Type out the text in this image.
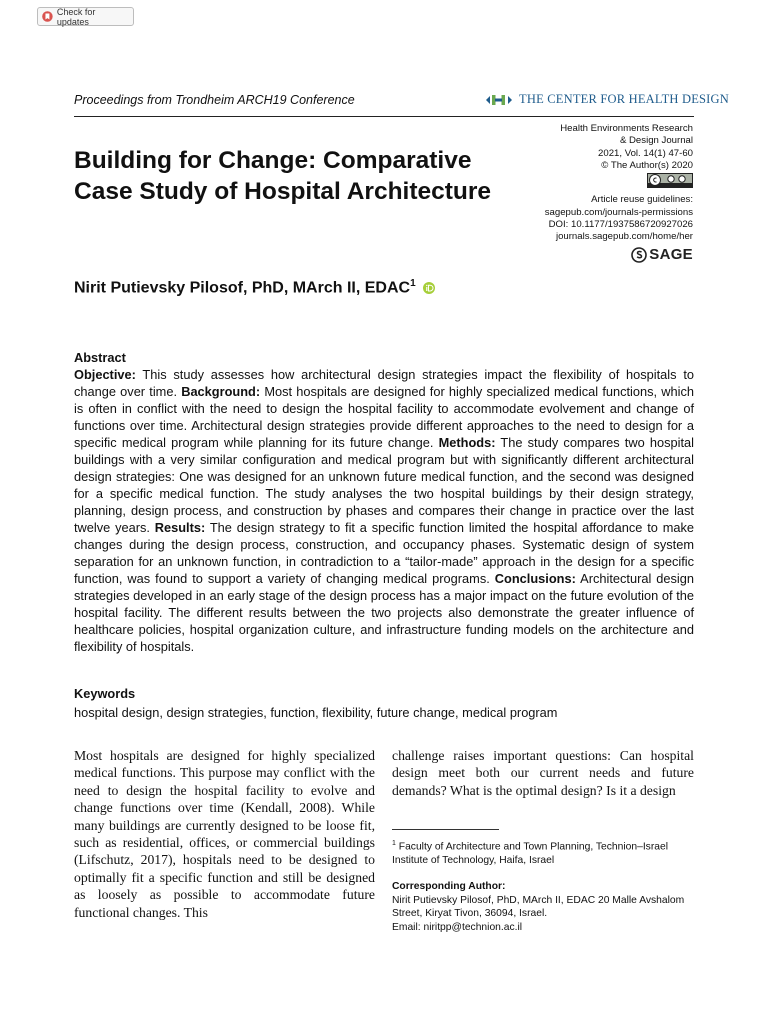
Check for updates
Proceedings from Trondheim ARCH19 Conference	THE CENTER FOR HEALTH DESIGN
Health Environments Research
& Design Journal
2021, Vol. 14(1) 47-60
© The Author(s) 2020
Article reuse guidelines:
sagepub.com/journals-permissions
DOI: 10.1177/1937586720927026
journals.sagepub.com/home/her
SAGE
Building for Change: Comparative Case Study of Hospital Architecture
Nirit Putievsky Pilosof, PhD, MArch II, EDAC$^1$
Abstract

Objective: This study assesses how architectural design strategies impact the flexibility of hospitals to change over time. Background: Most hospitals are designed for highly specialized medical functions, which is often in conflict with the need to design the hospital facility to accommodate evolvement and change of functions over time. Architectural design strategies provide different approaches to the need to design for a specific medical program while planning for its future change. Methods: The study compares two hospital buildings with a very similar configuration and medical program but with significantly different architectural design strategies: One was designed for an unknown future medical function, and the second was designed for a specific medical function. The study analyses the two hospital buildings by their design strategy, planning, design process, and construction by phases and compares their change in practice over the last twelve years. Results: The design strategy to fit a specific function limited the hospital affordance to make changes during the design process, construction, and occupancy phases. Systematic design of system separation for an unknown function, in contradiction to a “tailor-made” approach in the design for a specific function, was found to support a variety of changing medical programs. Conclusions: Architectural design strategies developed in an early stage of the design process has a major impact on the future evolution of the hospital facility. The different results between the two projects also demonstrate the greater influence of healthcare policies, hospital organization culture, and infrastructure funding models on the architecture and flexibility of hospitals.

Keywords

hospital design, design strategies, function, flexibility, future change, medical program

Most hospitals are designed for highly specialized medical functions. This purpose may conflict with the need to design the hospital facility to evolve and change functions over time (Kendall, 2008). While many buildings are currently designed to be loose fit, such as residential, offices, or commercial buildings (Lifschutz, 2017), hospitals need to be designed to optimally fit a specific function and still be designed as loosely as possible to accommodate future functional changes. This

challenge raises important questions: Can hospital design meet both our current needs and future demands? What is the optimal design? Is it a design

$^1$ Faculty of Architecture and Town Planning, Technion–Israel Institute of Technology, Haifa, Israel
Corresponding Author:

Nirit Putievsky Pilosof, PhD, MArch II, EDAC 20 Malle Avshalom Street, Kiryat Tivon, 36094, Israel.

Email: niritpp@technion.ac.il
